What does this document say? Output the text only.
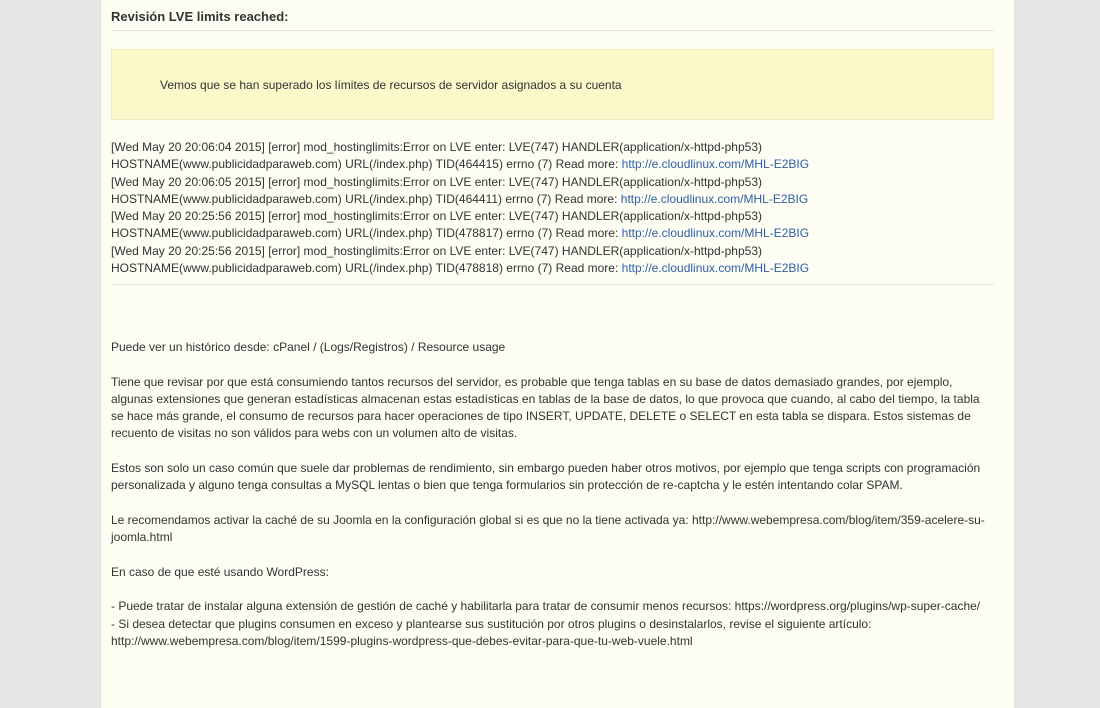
Revisión LVE limits reached:
Vemos que se han superado los límites de recursos de servidor asignados a su cuenta
[Wed May 20 20:06:04 2015] [error] mod_hostinglimits:Error on LVE enter: LVE(747) HANDLER(application/x-httpd-php53)
HOSTNAME(www.publicidadparaweb.com) URL(/index.php) TID(464415) errno (7) Read more: http://e.cloudlinux.com/MHL-E2BIG
[Wed May 20 20:06:05 2015] [error] mod_hostinglimits:Error on LVE enter: LVE(747) HANDLER(application/x-httpd-php53)
HOSTNAME(www.publicidadparaweb.com) URL(/index.php) TID(464411) errno (7) Read more: http://e.cloudlinux.com/MHL-E2BIG
[Wed May 20 20:25:56 2015] [error] mod_hostinglimits:Error on LVE enter: LVE(747) HANDLER(application/x-httpd-php53)
HOSTNAME(www.publicidadparaweb.com) URL(/index.php) TID(478817) errno (7) Read more: http://e.cloudlinux.com/MHL-E2BIG
[Wed May 20 20:25:56 2015] [error] mod_hostinglimits:Error on LVE enter: LVE(747) HANDLER(application/x-httpd-php53)
HOSTNAME(www.publicidadparaweb.com) URL(/index.php) TID(478818) errno (7) Read more: http://e.cloudlinux.com/MHL-E2BIG

Puede ver un histórico desde: cPanel / (Logs/Registros) / Resource usage

Tiene que revisar por que está consumiendo tantos recursos del servidor, es probable que tenga tablas en su base de datos demasiado grandes, por ejemplo, algunas extensiones que generan estadísticas almacenan estas estadísticas en tablas de la base de datos, lo que provoca que cuando, al cabo del tiempo, la tabla se hace más grande, el consumo de recursos para hacer operaciones de tipo INSERT, UPDATE, DELETE o SELECT en esta tabla se dispara. Estos sistemas de recuento de visitas no son válidos para webs con un volumen alto de visitas.

Estos son solo un caso común que suele dar problemas de rendimiento, sin embargo pueden haber otros motivos, por ejemplo que tenga scripts con programación personalizada y alguno tenga consultas a MySQL lentas o bien que tenga formularios sin protección de re-captcha y le estén intentando colar SPAM.

Le recomendamos activar la caché de su Joomla en la configuración global si es que no la tiene activada ya: http://www.webempresa.com/blog/item/359-acelere-su-joomla.html

En caso de que esté usando WordPress:

- Puede tratar de instalar alguna extensión de gestión de caché y habilitarla para tratar de consumir menos recursos: https://wordpress.org/plugins/wp-super-cache/

- Si desea detectar que plugins consumen en exceso y plantearse sus sustitución por otros plugins o desinstalarlos, revise el siguiente artículo: http://www.webempresa.com/blog/item/1599-plugins-wordpress-que-debes-evitar-para-que-tu-web-vuele.html
